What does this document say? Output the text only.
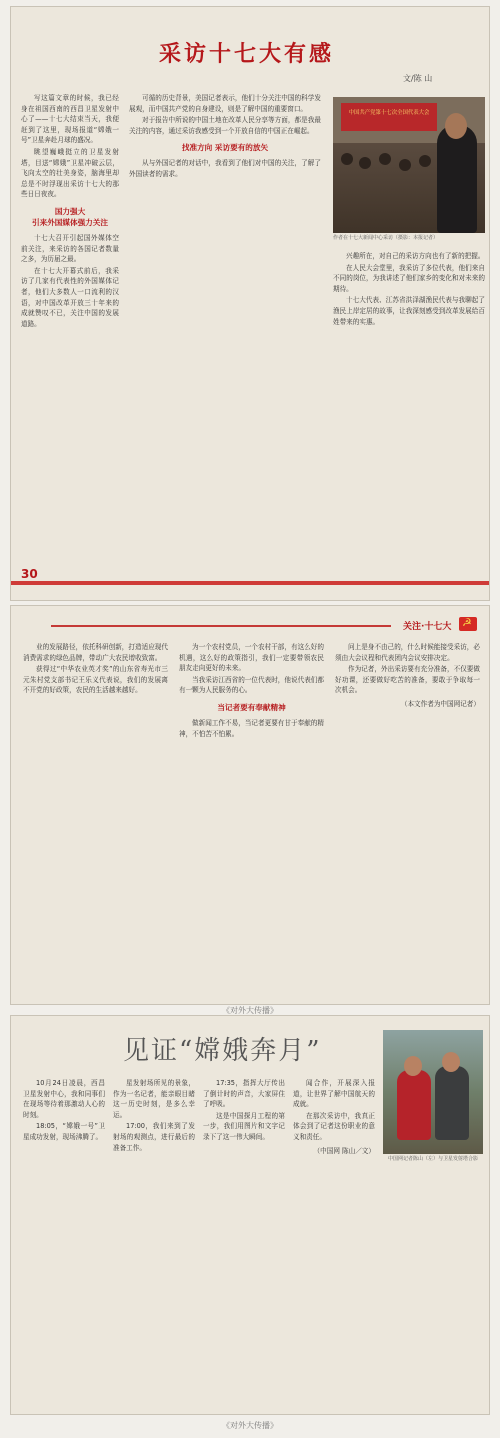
采访十七大有感
文/陈 山

写这篇文章的时候，我已经身在祖国西南的西昌卫星发射中心了——十七大结束当天，我便赶到了这里，现场报道“嫦娥一号”卫星奔赴月球的盛况。

眺望巍峨挺立的卫星发射塔，目送“嫦娥”卫星冲破云层，飞向太空的壮美身姿，脑海里却总是不时浮现出采访十七大的那些日日夜夜。

国力强大
引来外国媒体强力关注

十七大召开引起国外媒体空前关注，来采访的各国记者数量之多，为历届之最。

在十七大开幕式前后，我采访了几家有代表性的外国媒体记者，他们大多数人一口流利的汉语，对中国改革开放三十年来的成就赞叹不已，关注中国的发展道路。

可循的历史背景，美国记者表示，他们十分关注中国的科学发展观，而中国共产党的自身建设，则是了解中国的重要窗口。

对于报告中所说的中国土地在改革人民分享等方面，都是我最关注的内容，通过采访我感受到一个开放自信的中国正在崛起。

找准方向 采访要有的放矢

从与外国记者的对话中，我看到了他们对中国的关注，了解了外国读者的需求。

中国共产党第十七次全国代表大会
作者在十七大新闻中心采访（摄影：本报记者）

兴趣所在，对自己的采访方向也有了新的把握。

在人民大会堂里，我采访了多位代表，他们来自不同的岗位，为我讲述了他们家乡的变化和对未来的期待。

十七大代表、江苏省洪泽湖渔民代表与我聊起了渔民上岸定居的故事，让我深刻感受到改革发展给百姓带来的实惠。

30
关注·十七大
☭

业的发展路径，依托科研创新，打造适应现代消费需求的绿色品牌，带动广大农民增收致富。

获得过“中华农业英才奖”的山东省寿光市三元朱村党支部书记王乐义代表说，我们的发展离不开党的好政策，农民的生活越来越好。

为一个农村党员，一个农村干部，有这么好的机遇，这么好的政策指引，我们一定要带领农民朋友走向更好的未来。

当我采访江西省的一位代表时，他说代表们都有一颗为人民服务的心。

当记者要有奉献精神

做新闻工作不易，当记者更要有甘于奉献的精神，不怕苦不怕累。

问上是身不由己的，什么时候能接受采访，必须由大会议程和代表团内会议安排决定。

作为记者，外出采访要有充分准备，不仅要做好功课，还要做好吃苦的准备，要敢于争取每一次机会。

（本文作者为中国网记者）

《对外大传播》
见证“嫦娥奔月”

10月24日凌晨，西昌卫星发射中心，我和同事们在现场等待着那激动人心的时刻。

18:05，“嫦娥一号”卫星成功发射，现场沸腾了。

星发射场所见的景象，作为一名记者，能亲眼目睹这一历史时刻，是多么幸运。

17:00，我们来到了发射场的观测点，进行最后的准备工作。

17:35，指挥大厅传出了倒计时的声音，大家屏住了呼吸。

这是中国探月工程的第一步，我们用图片和文字记录下了这一伟大瞬间。

闻合作，开展深入报道，让世界了解中国航天的成就。

在那次采访中，我真正体会到了记者这份职业的意义和责任。

（中国网 陈山／文）

中国网记者陈山（左）与卫星发射塔合影
《对外大传播》
